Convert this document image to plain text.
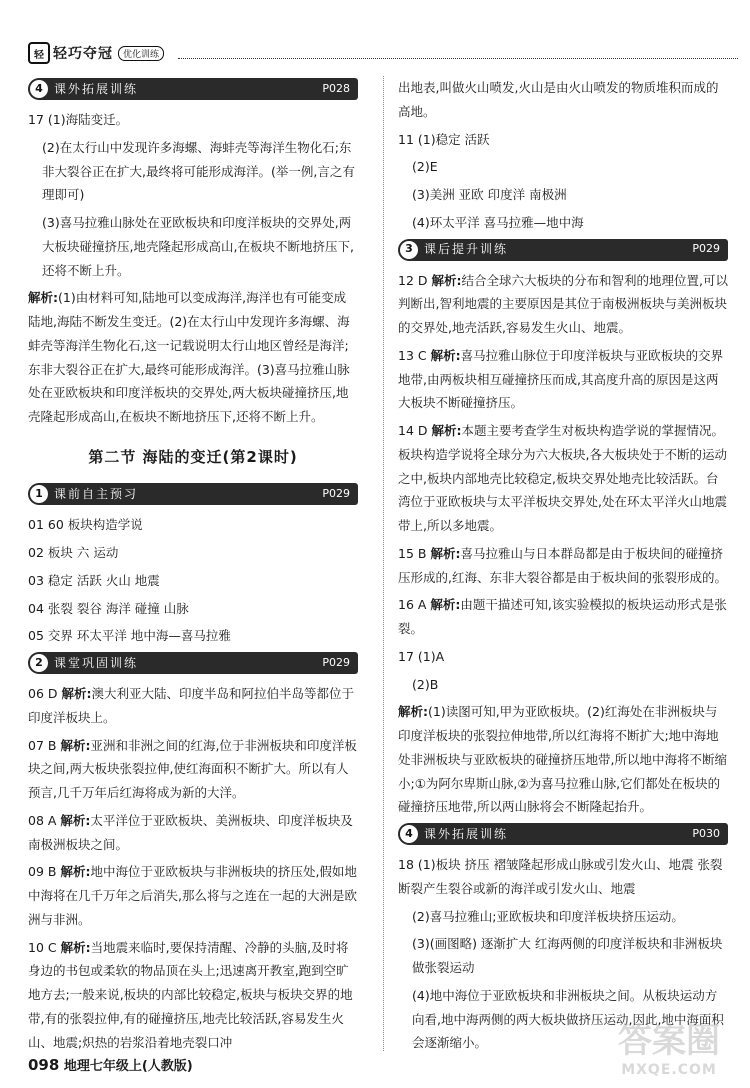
轻 轻巧夺冠	优化训练
4 课外拓展训练	P028

17 (1)海陆变迁。

(2)在太行山中发现许多海螺、海蚌壳等海洋生物化石;东非大裂谷正在扩大,最终将可能形成海洋。(举一例,言之有理即可)

(3)喜马拉雅山脉处在亚欧板块和印度洋板块的交界处,两大板块碰撞挤压,地壳隆起形成高山,在板块不断地挤压下,还将不断上升。

解析:(1)由材料可知,陆地可以变成海洋,海洋也有可能变成陆地,海陆不断发生变迁。(2)在太行山中发现许多海螺、海蚌壳等海洋生物化石,这一记载说明太行山地区曾经是海洋;东非大裂谷正在扩大,最终可能形成海洋。(3)喜马拉雅山脉处在亚欧板块和印度洋板块的交界处,两大板块碰撞挤压,地壳隆起形成高山,在板块不断地挤压下,还将不断上升。

第二节 海陆的变迁(第2课时)
1 课前自主预习	P029

01 60 板块构造学说

02 板块 六 运动

03 稳定 活跃 火山 地震

04 张裂 裂谷 海洋 碰撞 山脉

05 交界 环太平洋 地中海—喜马拉雅

2 课堂巩固训练	P029

06 D 解析:澳大利亚大陆、印度半岛和阿拉伯半岛等都位于印度洋板块上。

07 B 解析:亚洲和非洲之间的红海,位于非洲板块和印度洋板块之间,两大板块张裂拉伸,使红海面积不断扩大。所以有人预言,几千万年后红海将成为新的大洋。

08 A 解析:太平洋位于亚欧板块、美洲板块、印度洋板块及南极洲板块之间。

09 B 解析:地中海位于亚欧板块与非洲板块的挤压处,假如地中海将在几千万年之后消失,那么将与之连在一起的大洲是欧洲与非洲。

10 C 解析:当地震来临时,要保持清醒、冷静的头脑,及时将身边的书包或柔软的物品顶在头上;迅速离开教室,跑到空旷地方去;一般来说,板块的内部比较稳定,板块与板块交界的地带,有的张裂拉伸,有的碰撞挤压,地壳比较活跃,容易发生火山、地震;炽热的岩浆沿着地壳裂口冲

出地表,叫做火山喷发,火山是由火山喷发的物质堆积而成的高地。

11 (1)稳定 活跃

(2)E

(3)美洲 亚欧 印度洋 南极洲

(4)环太平洋 喜马拉雅—地中海

3 课后提升训练	P029

12 D 解析:结合全球六大板块的分布和智利的地理位置,可以判断出,智利地震的主要原因是其位于南极洲板块与美洲板块的交界处,地壳活跃,容易发生火山、地震。

13 C 解析:喜马拉雅山脉位于印度洋板块与亚欧板块的交界地带,由两板块相互碰撞挤压而成,其高度升高的原因是这两大板块不断碰撞挤压。

14 D 解析:本题主要考查学生对板块构造学说的掌握情况。板块构造学说将全球分为六大板块,各大板块处于不断的运动之中,板块内部地壳比较稳定,板块交界处地壳比较活跃。台湾位于亚欧板块与太平洋板块交界处,处在环太平洋火山地震带上,所以多地震。

15 B 解析:喜马拉雅山与日本群岛都是由于板块间的碰撞挤压形成的,红海、东非大裂谷都是由于板块间的张裂形成的。

16 A 解析:由题干描述可知,该实验模拟的板块运动形式是张裂。

17 (1)A

(2)B

解析:(1)读图可知,甲为亚欧板块。(2)红海处在非洲板块与印度洋板块的张裂拉伸地带,所以红海将不断扩大;地中海地处非洲板块与亚欧板块的碰撞挤压地带,所以地中海将不断缩小;①为阿尔卑斯山脉,②为喜马拉雅山脉,它们都处在板块的碰撞挤压地带,所以两山脉将会不断隆起抬升。

4 课外拓展训练	P030

18 (1)板块 挤压 褶皱隆起形成山脉或引发火山、地震 张裂 断裂产生裂谷或新的海洋或引发火山、地震

(2)喜马拉雅山;亚欧板块和印度洋板块挤压运动。

(3)(画图略) 逐渐扩大 红海两侧的印度洋板块和非洲板块做张裂运动

(4)地中海位于亚欧板块和非洲板块之间。从板块运动方向看,地中海两侧的两大板块做挤压运动,因此,地中海面积会逐渐缩小。

098 地理七年级上(人教版)
答案圈
MXQE.COM
